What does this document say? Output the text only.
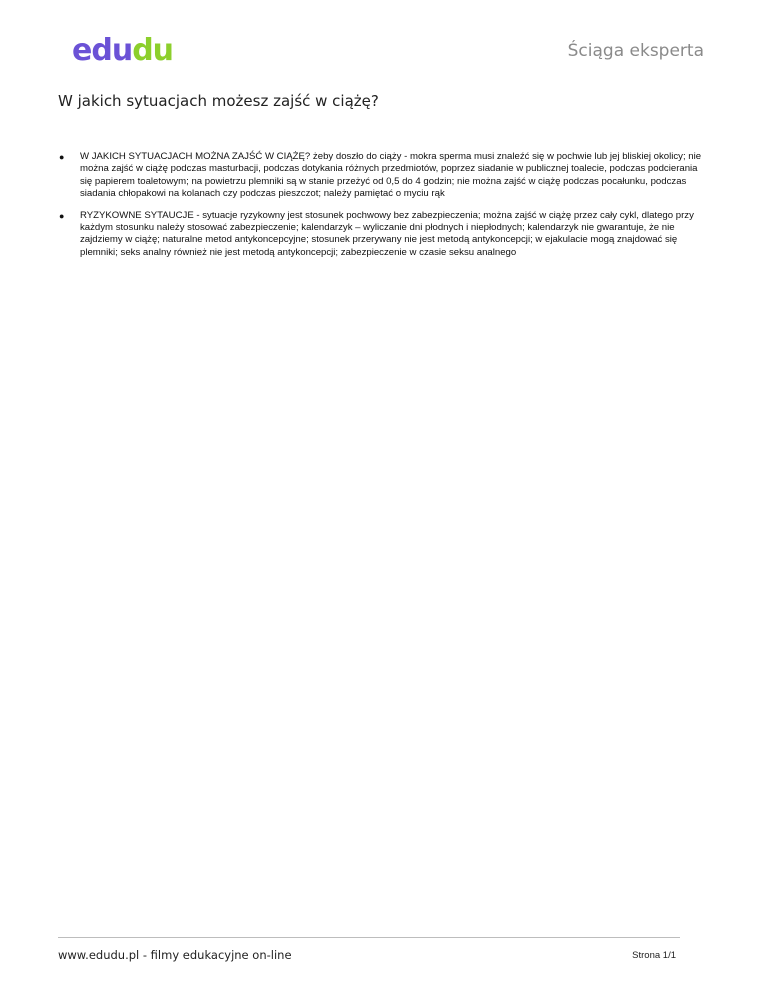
edudu	Ściąga eksperta
W jakich sytuacjach możesz zajść w ciążę?
● W JAKICH SYTUACJACH MOŻNA ZAJŚĆ W CIĄŻĘ? żeby doszło do ciąży - mokra sperma musi znaleźć się w pochwie lub jej bliskiej okolicy; nie można zajść w ciążę podczas masturbacji, podczas dotykania różnych przedmiotów, poprzez siadanie w publicznej toalecie, podczas podcierania się papierem toaletowym; na powietrzu plemniki są w stanie przeżyć od 0,5 do 4 godzin; nie można zajść w ciążę podczas pocałunku, podczas siadania chłopakowi na kolanach czy podczas pieszczot; należy pamiętać o myciu rąk
● RYZYKOWNE SYTAUCJE - sytuacje ryzykowny jest stosunek pochwowy bez zabezpieczenia; można zajść w ciążę przez cały cykl, dlatego przy każdym stosunku należy stosować zabezpieczenie; kalendarzyk – wyliczanie dni płodnych i niepłodnych; kalendarzyk nie gwarantuje, że nie zajdziemy w ciążę; naturalne metod antykoncepcyjne; stosunek przerywany nie jest metodą antykoncepcji; w ejakulacie mogą znajdować się plemniki; seks analny również nie jest metodą antykoncepcji; zabezpieczenie w czasie seksu analnego
www.edudu.pl - filmy edukacyjne on-line	Strona 1/1
